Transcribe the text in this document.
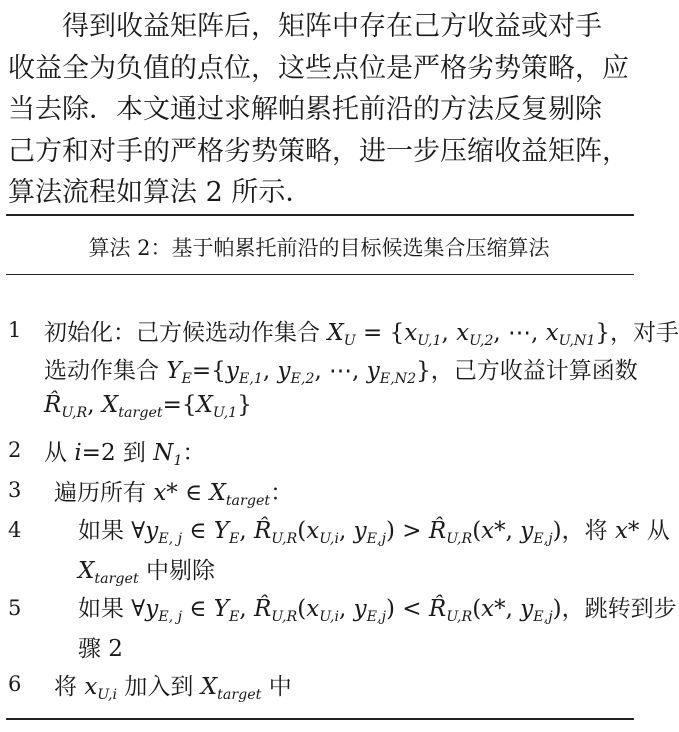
得到收益矩阵后，矩阵中存在己方收益或对手

收益全为负值的点位，这些点位是严格劣势策略，应

当去除．本文通过求解帕累托前沿的方法反复剔除

己方和对手的严格劣势策略，进一步压缩收益矩阵，

算法流程如算法 2 所示．

算法 2：基于帕累托前沿的目标候选集合压缩算法
1 初始化：己方候选动作集合 $X_U = \{x_{U,1}$, $x_{U,2}$, ⋯, $x_{U,N1}$}，对手
选动作集合 $Y_E=\{y_{E,1}$, $y_{E,2}$, ⋯, $y_{E,N2}$}，己方收益计算函数
$R̂_{U,R}$, $X_{target}=\{X_{U,1}\}$
2 从 i=2 到 $N_1$：
3 遍历所有 x* ∈ $X_{target}$：
4 如果 $\forall y_{E, j}$ ∈ $Y_E$, $R̂_{U,R}(x_{U,i}$, $y_{E,j}$) > $R̂_{U,R}(x*$, $y_{E,j}$)，将 x* 从
$X_{target}$ 中剔除
5 如果 $\forall y_{E, j}$ ∈ $Y_E$, $R̂_{U,R}(x_{U,i}$, $y_{E,j}$) < $R̂_{U,R}(x*$, $y_{E,j}$)，跳转到步
骤 2
6 将 $x_{U,i}$ 加入到 $X_{target}$ 中
